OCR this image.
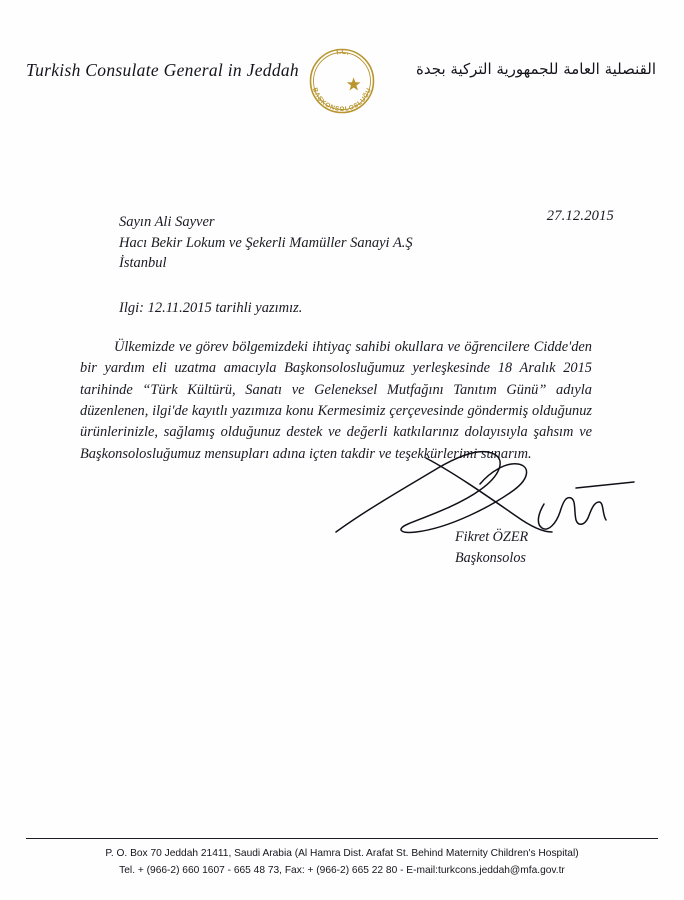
Turkish Consulate General in Jeddah	القنصلية العامة للجمهورية التركية بجدة
T.C.
BAŞKONSOLOSLUĞU
27.12.2015
Sayın Ali Sayver
Hacı Bekir Lokum ve Şekerli Mamüller Sanayi A.Ş
İstanbul
Ilgi: 12.11.2015 tarihli yazımız.
Ülkemizde ve görev bölgemizdeki ihtiyaç sahibi okullara ve öğrencilere Cidde'den bir yardım eli uzatma amacıyla Başkonsolosluğumuz yerleşkesinde 18 Aralık 2015 tarihinde “Türk Kültürü, Sanatı ve Geleneksel Mutfağını Tanıtım Günü” adıyla düzenlenen, ilgi'de kayıtlı yazımıza konu Kermesimiz çerçevesinde göndermiş olduğunuz ürünlerinizle, sağlamış olduğunuz destek ve değerli katkılarınız dolayısıyla şahsım ve Başkonsolosluğumuz mensupları adına içten takdir ve teşekkürlerimi sunarım.
Fikret ÖZER
Başkonsolos
P. O. Box 70 Jeddah 21411, Saudi Arabia (Al Hamra Dist. Arafat St. Behind Maternity Children's Hospital)
Tel. + (966-2) 660 1607 - 665 48 73, Fax: + (966-2) 665 22 80 - E-mail:turkcons.jeddah@mfa.gov.tr
